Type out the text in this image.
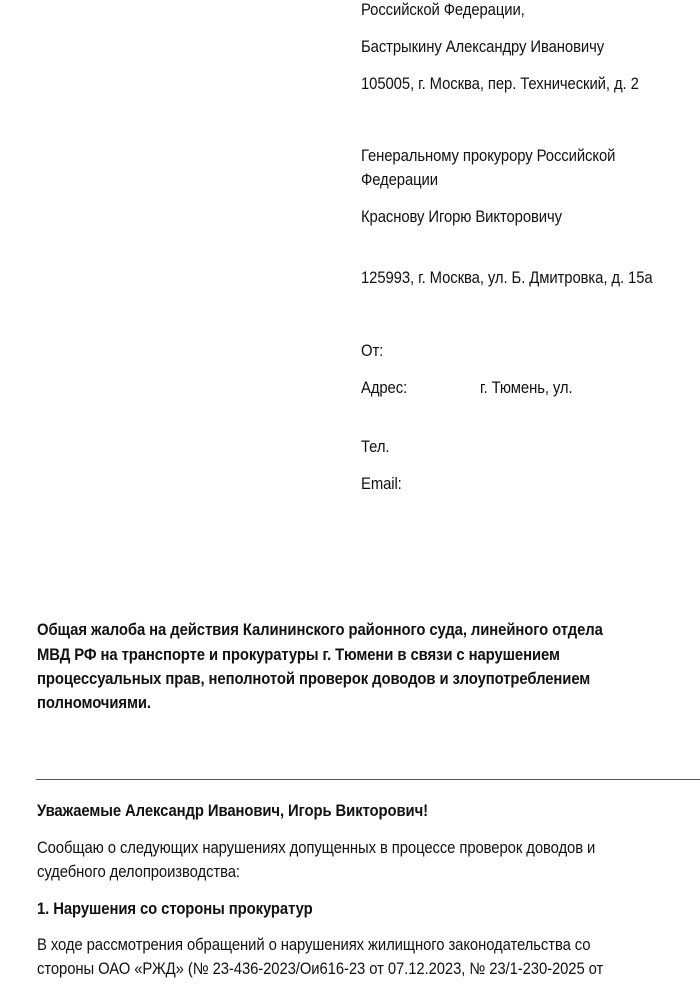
Российской Федерации,

Бастрыкину Александру Ивановичу

105005, г. Москва, пер. Технический, д. 2

Генеральному прокурору Российской

Федерации

Краснову Игорю Викторовичу

125993, г. Москва, ул. Б. Дмитровка, д. 15а

От:

Адрес:	г. Тюмень, ул.

Тел.

Email:

Общая жалоба на действия Калининского районного суда, линейного отдела

МВД РФ на транспорте и прокуратуры г. Тюмени в связи с нарушением

процессуальных прав, неполнотой проверок доводов и злоупотреблением

полномочиями.

Уважаемые Александр Иванович, Игорь Викторович!

Сообщаю о следующих нарушениях допущенных в процессе проверок доводов и

судебного делопроизводства:

1. Нарушения со стороны прокуратур

В ходе рассмотрения обращений о нарушениях жилищного законодательства со

стороны ОАО «РЖД» (№ 23-436-2023/Ои616-23 от 07.12.2023, № 23/1-230-2025 от
